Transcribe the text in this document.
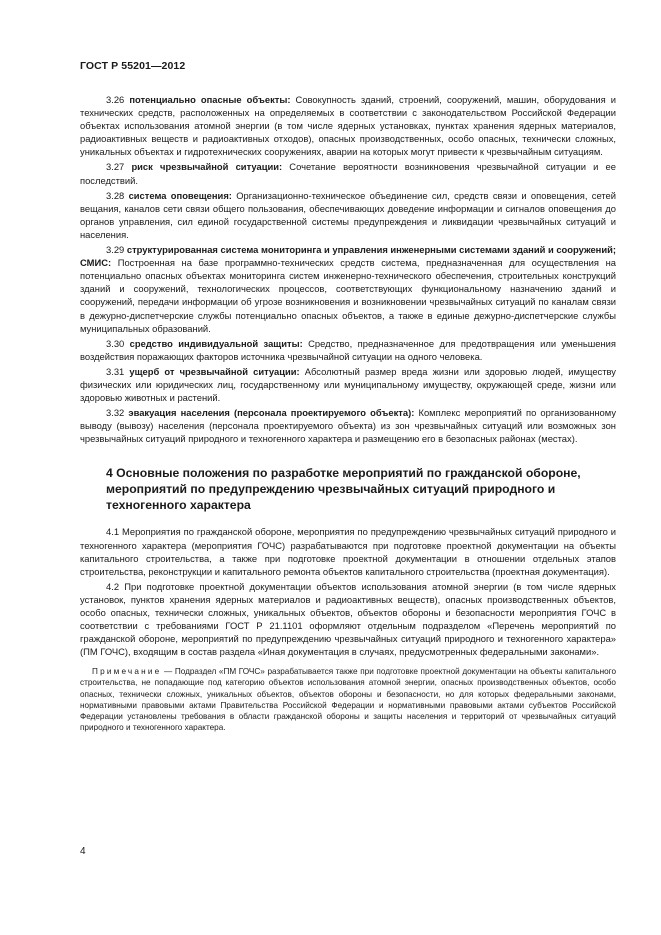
ГОСТ Р 55201—2012

3.26 потенциально опасные объекты: Совокупность зданий, строений, сооружений, машин, оборудования и технических средств, расположенных на определяемых в соответствии с законодательством Российской Федерации объектах использования атомной энергии (в том числе ядерных установках, пунктах хранения ядерных материалов, радиоактивных веществ и радиоактивных отходов), опасных производственных, особо опасных, технически сложных, уникальных объектах и гидротехнических сооружениях, аварии на которых могут привести к чрезвычайным ситуациям.

3.27 риск чрезвычайной ситуации: Сочетание вероятности возникновения чрезвычайной ситуации и ее последствий.

3.28 система оповещения: Организационно-техническое объединение сил, средств связи и оповещения, сетей вещания, каналов сети связи общего пользования, обеспечивающих доведение информации и сигналов оповещения до органов управления, сил единой государственной системы предупреждения и ликвидации чрезвычайных ситуаций и населения.

3.29 структурированная система мониторинга и управления инженерными системами зданий и сооружений; СМИС: Построенная на базе программно-технических средств система, предназначенная для осуществления на потенциально опасных объектах мониторинга систем инженерно-технического обеспечения, строительных конструкций зданий и сооружений, технологических процессов, соответствующих функциональному назначению зданий и сооружений, передачи информации об угрозе возникновения и возникновении чрезвычайных ситуаций по каналам связи в дежурно-диспетчерские службы потенциально опасных объектов, а также в единые дежурно-диспетчерские службы муниципальных образований.

3.30 средство индивидуальной защиты: Средство, предназначенное для предотвращения или уменьшения воздействия поражающих факторов источника чрезвычайной ситуации на одного человека.

3.31 ущерб от чрезвычайной ситуации: Абсолютный размер вреда жизни или здоровью людей, имуществу физических или юридических лиц, государственному или муниципальному имуществу, окружающей среде, жизни или здоровью животных и растений.

3.32 эвакуация населения (персонала проектируемого объекта): Комплекс мероприятий по организованному выводу (вывозу) населения (персонала проектируемого объекта) из зон чрезвычайных ситуаций или возможных зон чрезвычайных ситуаций природного и техногенного характера и размещению его в безопасных районах (местах).

4 Основные положения по разработке мероприятий по гражданской обороне, мероприятий по предупреждению чрезвычайных ситуаций природного и техногенного характера

4.1 Мероприятия по гражданской обороне, мероприятия по предупреждению чрезвычайных ситуаций природного и техногенного характера (мероприятия ГОЧС) разрабатываются при подготовке проектной документации на объекты капитального строительства, а также при подготовке проектной документации в отношении отдельных этапов строительства, реконструкции и капитального ремонта объектов капитального строительства (проектная документация).

4.2 При подготовке проектной документации объектов использования атомной энергии (в том числе ядерных установок, пунктов хранения ядерных материалов и радиоактивных веществ), опасных производственных объектов, особо опасных, технически сложных, уникальных объектов, объектов обороны и безопасности мероприятия ГОЧС в соответствии с требованиями ГОСТ Р 21.1101 оформляют отдельным подразделом «Перечень мероприятий по гражданской обороне, мероприятий по предупреждению чрезвычайных ситуаций природного и техногенного характера» (ПМ ГОЧС), входящим в состав раздела «Иная документация в случаях, предусмотренных федеральными законами».

Примечание — Подраздел «ПМ ГОЧС» разрабатывается также при подготовке проектной документации на объекты капитального строительства, не попадающие под категорию объектов использования атомной энергии, опасных производственных объектов, особо опасных, технически сложных, уникальных объектов, объектов обороны и безопасности, но для которых федеральными законами, нормативными правовыми актами Правительства Российской Федерации и нормативными правовыми актами субъектов Российской Федерации установлены требования в области гражданской обороны и защиты населения и территорий от чрезвычайных ситуаций природного и техногенного характера.

4
